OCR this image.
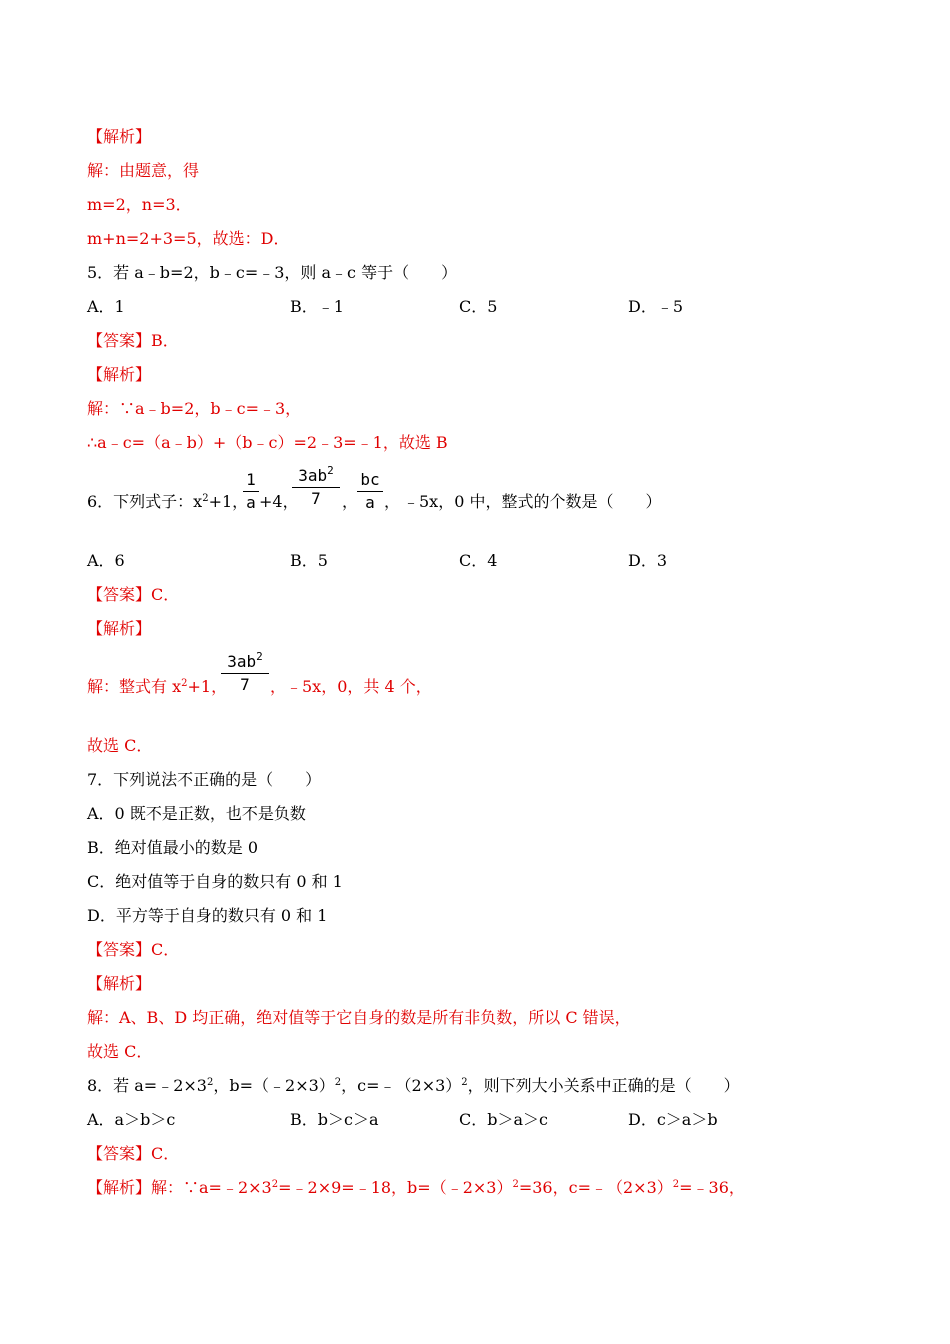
【解析】
解：由题意，得
m=2，n=3．
m+n=2+3=5，故选：D．
5．若 a﹣b=2，b﹣c=﹣3，则 a﹣c 等于（　　）
A．1	B．﹣1	C．5	D．﹣5
【答案】B．
【解析】
解：∵a﹣b=2，b﹣c=﹣3，
∴a﹣c=（a﹣b）+（b﹣c）=2﹣3=﹣1，故选 B
6．下列式子：$x^2+1$，
1
a +4，
$3ab^2$
7	，
bc
a ， ﹣5x，0 中，整式的个数是（　　）
A．6	B．5	C．4	D．3
【答案】C．
【解析】
解：整式有 $x^2+1$，
$3ab^2$
7	，﹣5x，0，共 4 个，
故选 C．
7．下列说法不正确的是（　　）
A．0 既不是正数，也不是负数
B．绝对值最小的数是 0
C．绝对值等于自身的数只有 0 和 1
D．平方等于自身的数只有 0 和 1
【答案】C．
【解析】
解：A、B、D 均正确，绝对值等于它自身的数是所有非负数，所以 C 错误，
故选 C．
8．若 $a=﹣2\times 3^2$，b=（﹣2×3）$^2$，$c=﹣(2\times 3)^2$，则下列大小关系中正确的是（　　）
A．a＞b＞c	B．b＞c＞a	C．b＞a＞c	D．c＞a＞b
【答案】C．
【解析】解：$\because a=﹣2\times 3^2=﹣2\times 9=﹣18$，b=（﹣2×3）$^2$=36，$c=﹣(2\times 3)^2=﹣36$，
